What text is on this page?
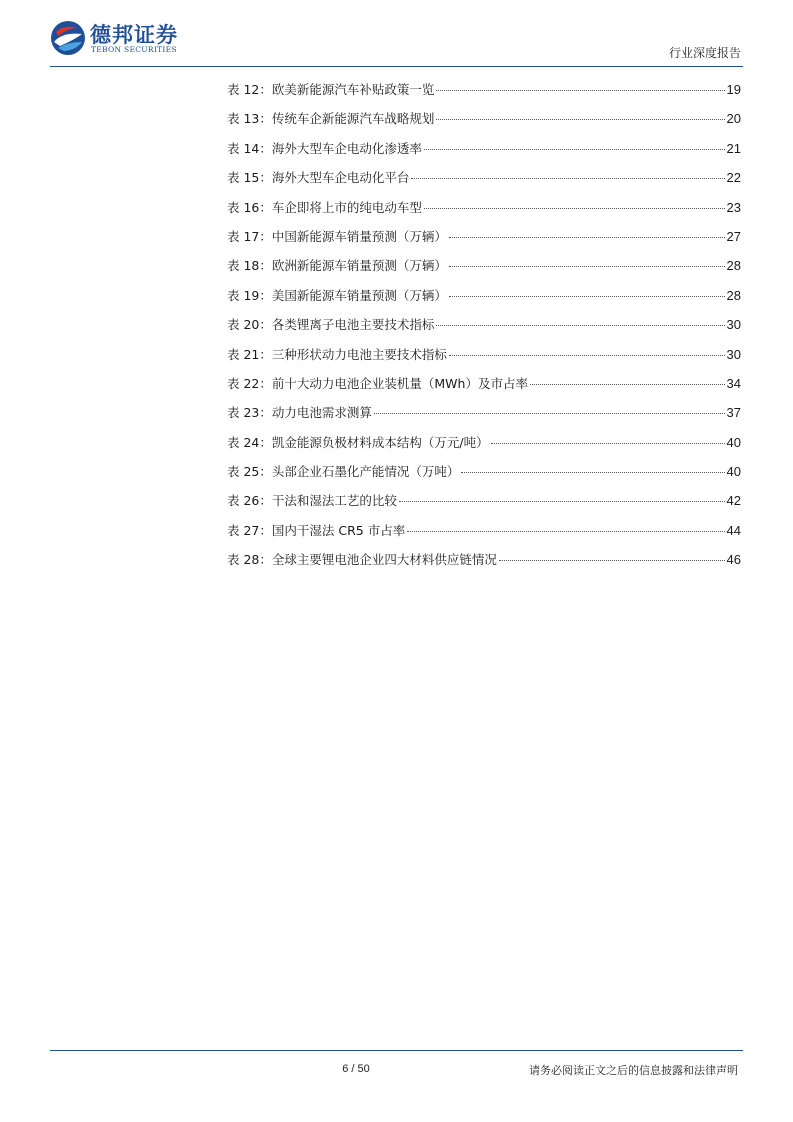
德邦证券
TEBON SECURITIES	行业深度报告
表 12：欧美新能源汽车补贴政策一览	19
表 13：传统车企新能源汽车战略规划	20
表 14：海外大型车企电动化渗透率	21
表 15：海外大型车企电动化平台	22
表 16：车企即将上市的纯电动车型	23
表 17：中国新能源车销量预测（万辆）	27
表 18：欧洲新能源车销量预测（万辆）	28
表 19：美国新能源车销量预测（万辆）	28
表 20：各类锂离子电池主要技术指标	30
表 21：三种形状动力电池主要技术指标	30
表 22：前十大动力电池企业装机量（MWh）及市占率	34
表 23：动力电池需求测算	37
表 24：凯金能源负极材料成本结构（万元/吨）	40
表 25：头部企业石墨化产能情况（万吨）	40
表 26：干法和湿法工艺的比较	42
表 27：国内干湿法 CR5 市占率	44
表 28：全球主要锂电池企业四大材料供应链情况	46
6 / 50	请务必阅读正文之后的信息披露和法律声明
